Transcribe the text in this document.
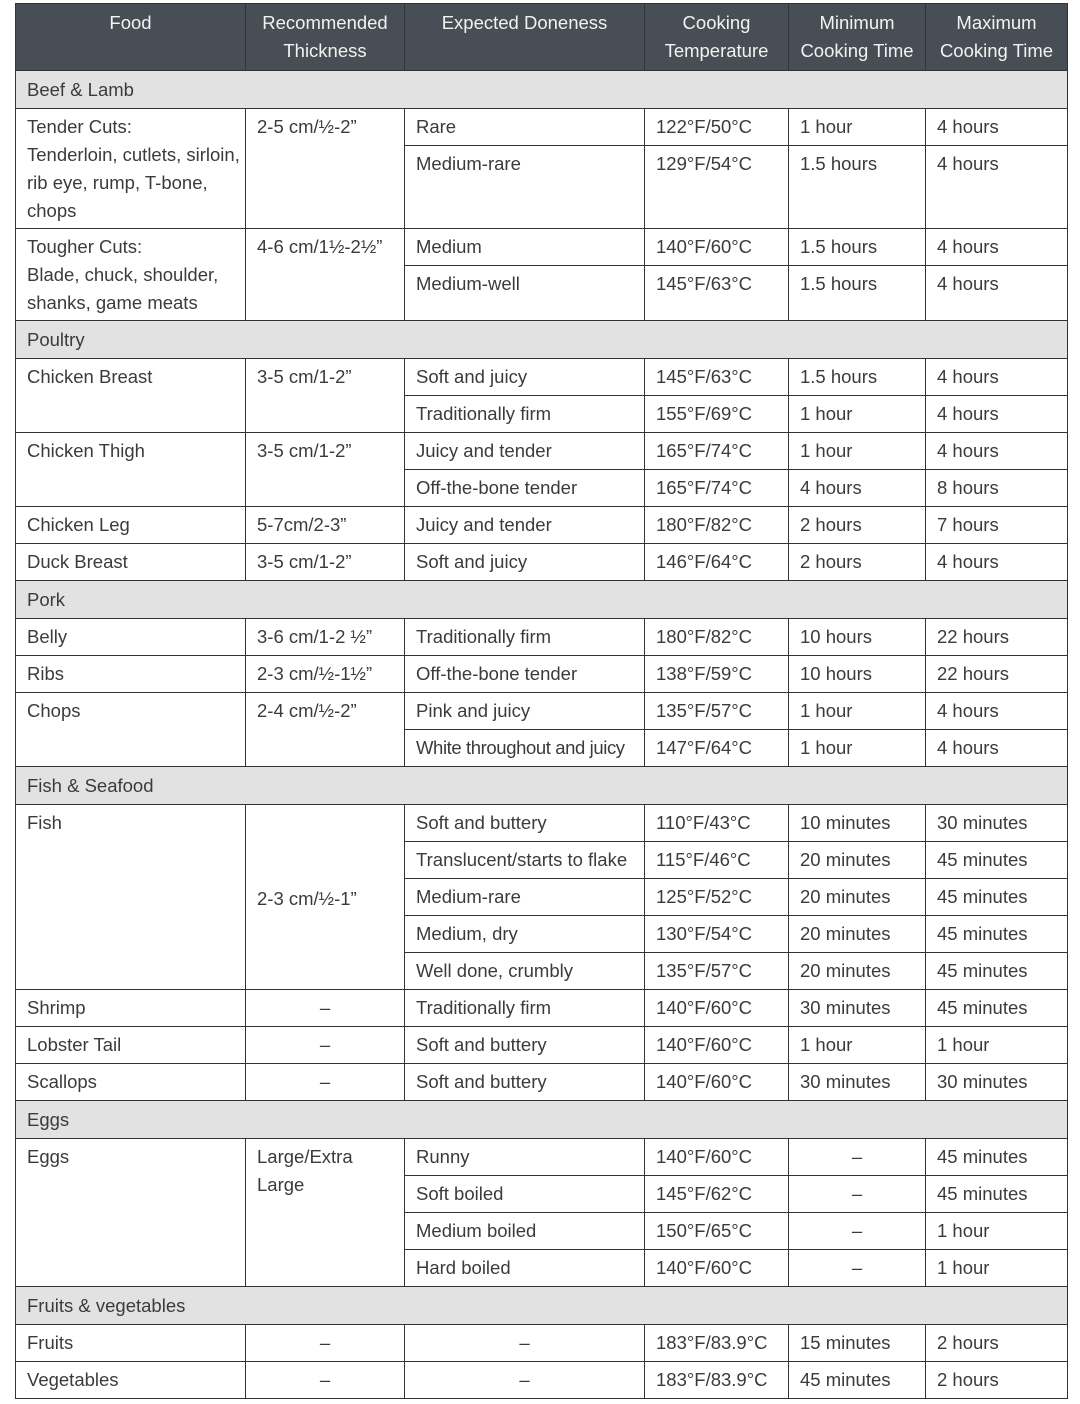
Food	Recommended Thickness	Expected Doneness	Cooking Temperature	Minimum Cooking Time	Maximum Cooking Time
Beef & Lamb					

Tender Cuts:
Tenderloin, cutlets, sirloin, rib eye, rump, T-bone, chops	2-5 cm/½-2”	Rare	122°F/50°C	1 hour	4 hours
		Medium-rare	129°F/54°C	1.5 hours	4 hours

Tougher Cuts:
Blade, chuck, shoulder, shanks, game meats	4-6 cm/1½-2½”	Medium	140°F/60°C	1.5 hours	4 hours
		Medium-well	145°F/63°C	1.5 hours	4 hours
Poultry					
Chicken Breast	3-5 cm/1-2”	Soft and juicy	145°F/63°C	1.5 hours	4 hours
		Traditionally firm	155°F/69°C	1 hour	4 hours
Chicken Thigh	3-5 cm/1-2”	Juicy and tender	165°F/74°C	1 hour	4 hours
		Off-the-bone tender	165°F/74°C	4 hours	8 hours
Chicken Leg	5-7cm/2-3”	Juicy and tender	180°F/82°C	2 hours	7 hours
Duck Breast	3-5 cm/1-2”	Soft and juicy	146°F/64°C	2 hours	4 hours
Pork					
Belly	3-6 cm/1-2 ½”	Traditionally firm	180°F/82°C	10 hours	22 hours
Ribs	2-3 cm/½-1½”	Off-the-bone tender	138°F/59°C	10 hours	22 hours
Chops	2-4 cm/½-2”	Pink and juicy	135°F/57°C	1 hour	4 hours
		White throughout and juicy	147°F/64°C	1 hour	4 hours
Fish & Seafood					
Fish	2-3 cm/½-1”	Soft and buttery	110°F/43°C	10 minutes	30 minutes
		Translucent/starts to flake	115°F/46°C	20 minutes	45 minutes
		Medium-rare	125°F/52°C	20 minutes	45 minutes
		Medium, dry	130°F/54°C	20 minutes	45 minutes
		Well done, crumbly	135°F/57°C	20 minutes	45 minutes
Shrimp	–	Traditionally firm	140°F/60°C	30 minutes	45 minutes
Lobster Tail	–	Soft and buttery	140°F/60°C	1 hour	1 hour
Scallops	–	Soft and buttery	140°F/60°C	30 minutes	30 minutes
Eggs					
Eggs	Large/Extra Large	Runny	140°F/60°C	–	45 minutes
		Soft boiled	145°F/62°C	–	45 minutes
		Medium boiled	150°F/65°C	–	1 hour
		Hard boiled	140°F/60°C	–	1 hour
Fruits & vegetables					
Fruits	–	–	183°F/83.9°C	15 minutes	2 hours
Vegetables	–	–	183°F/83.9°C	45 minutes	2 hours
